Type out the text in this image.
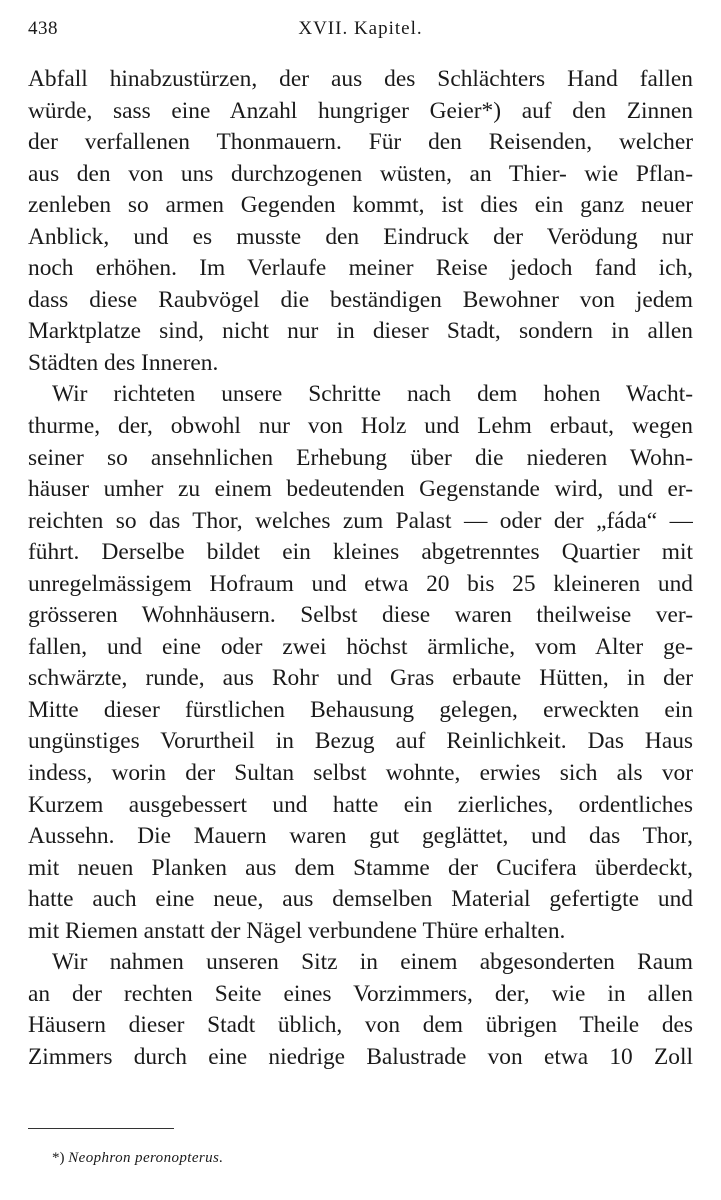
438	XVII. Kapitel.
Abfall hinabzustürzen, der aus des Schlächters Hand fallen
würde, sass eine Anzahl hungriger Geier*) auf den Zinnen
der verfallenen Thonmauern. Für den Reisenden, welcher
aus den von uns durchzogenen wüsten, an Thier- wie Pflan-
zenleben so armen Gegenden kommt, ist dies ein ganz neuer
Anblick, und es musste den Eindruck der Verödung nur
noch erhöhen. Im Verlaufe meiner Reise jedoch fand ich,
dass diese Raubvögel die beständigen Bewohner von jedem
Marktplatze sind, nicht nur in dieser Stadt, sondern in allen
Städten des Inneren.
Wir richteten unsere Schritte nach dem hohen Wacht-
thurme, der, obwohl nur von Holz und Lehm erbaut, wegen
seiner so ansehnlichen Erhebung über die niederen Wohn-
häuser umher zu einem bedeutenden Gegenstande wird, und er-
reichten so das Thor, welches zum Palast — oder der „fáda“ —
führt. Derselbe bildet ein kleines abgetrenntes Quartier mit
unregelmässigem Hofraum und etwa 20 bis 25 kleineren und
grösseren Wohnhäusern. Selbst diese waren theilweise ver-
fallen, und eine oder zwei höchst ärmliche, vom Alter ge-
schwärzte, runde, aus Rohr und Gras erbaute Hütten, in der
Mitte dieser fürstlichen Behausung gelegen, erweckten ein
ungünstiges Vorurtheil in Bezug auf Reinlichkeit. Das Haus
indess, worin der Sultan selbst wohnte, erwies sich als vor
Kurzem ausgebessert und hatte ein zierliches, ordentliches
Aussehn. Die Mauern waren gut geglättet, und das Thor,
mit neuen Planken aus dem Stamme der Cucifera überdeckt,
hatte auch eine neue, aus demselben Material gefertigte und
mit Riemen anstatt der Nägel verbundene Thüre erhalten.
Wir nahmen unseren Sitz in einem abgesonderten Raum
an der rechten Seite eines Vorzimmers, der, wie in allen
Häusern dieser Stadt üblich, von dem übrigen Theile des
Zimmers durch eine niedrige Balustrade von etwa 10 Zoll
*) Neophron peronopterus.
